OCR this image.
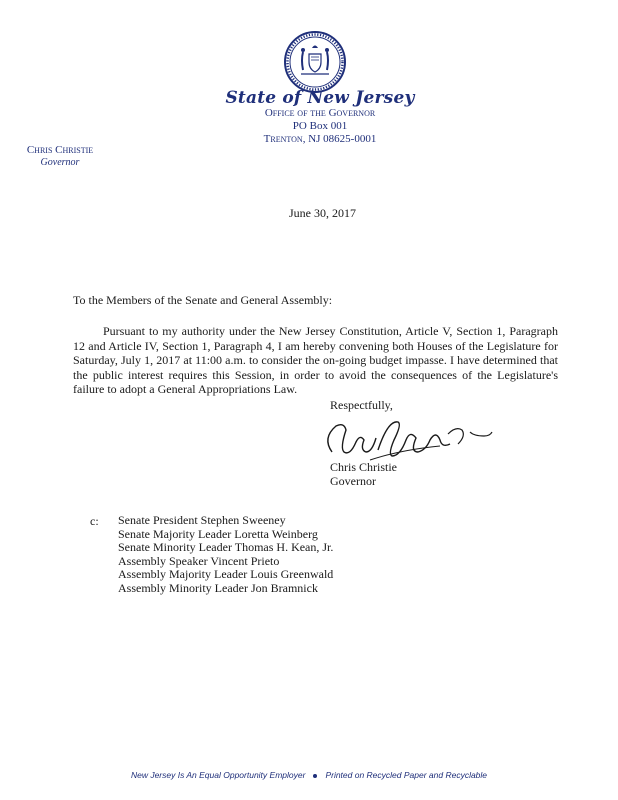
State of New Jersey
Office of the Governor
PO Box 001
Trenton, NJ 08625-0001
Chris Christie
Governor
June 30, 2017
To the Members of the Senate and General Assembly:
Pursuant to my authority under the New Jersey Constitution, Article V, Section 1, Paragraph 12 and Article IV, Section 1, Paragraph 4, I am hereby convening both Houses of the Legislature for Saturday, July 1, 2017 at 11:00 a.m. to consider the on-going budget impasse. I have determined that the public interest requires this Session, in order to avoid the consequences of the Legislature's failure to adopt a General Appropriations Law.
Respectfully,
Chris Christie
Governor
c: Senate President Stephen Sweeney
Senate Majority Leader Loretta Weinberg
Senate Minority Leader Thomas H. Kean, Jr.
Assembly Speaker Vincent Prieto
Assembly Majority Leader Louis Greenwald
Assembly Minority Leader Jon Bramnick
New Jersey Is An Equal Opportunity Employer Printed on Recycled Paper and Recyclable
